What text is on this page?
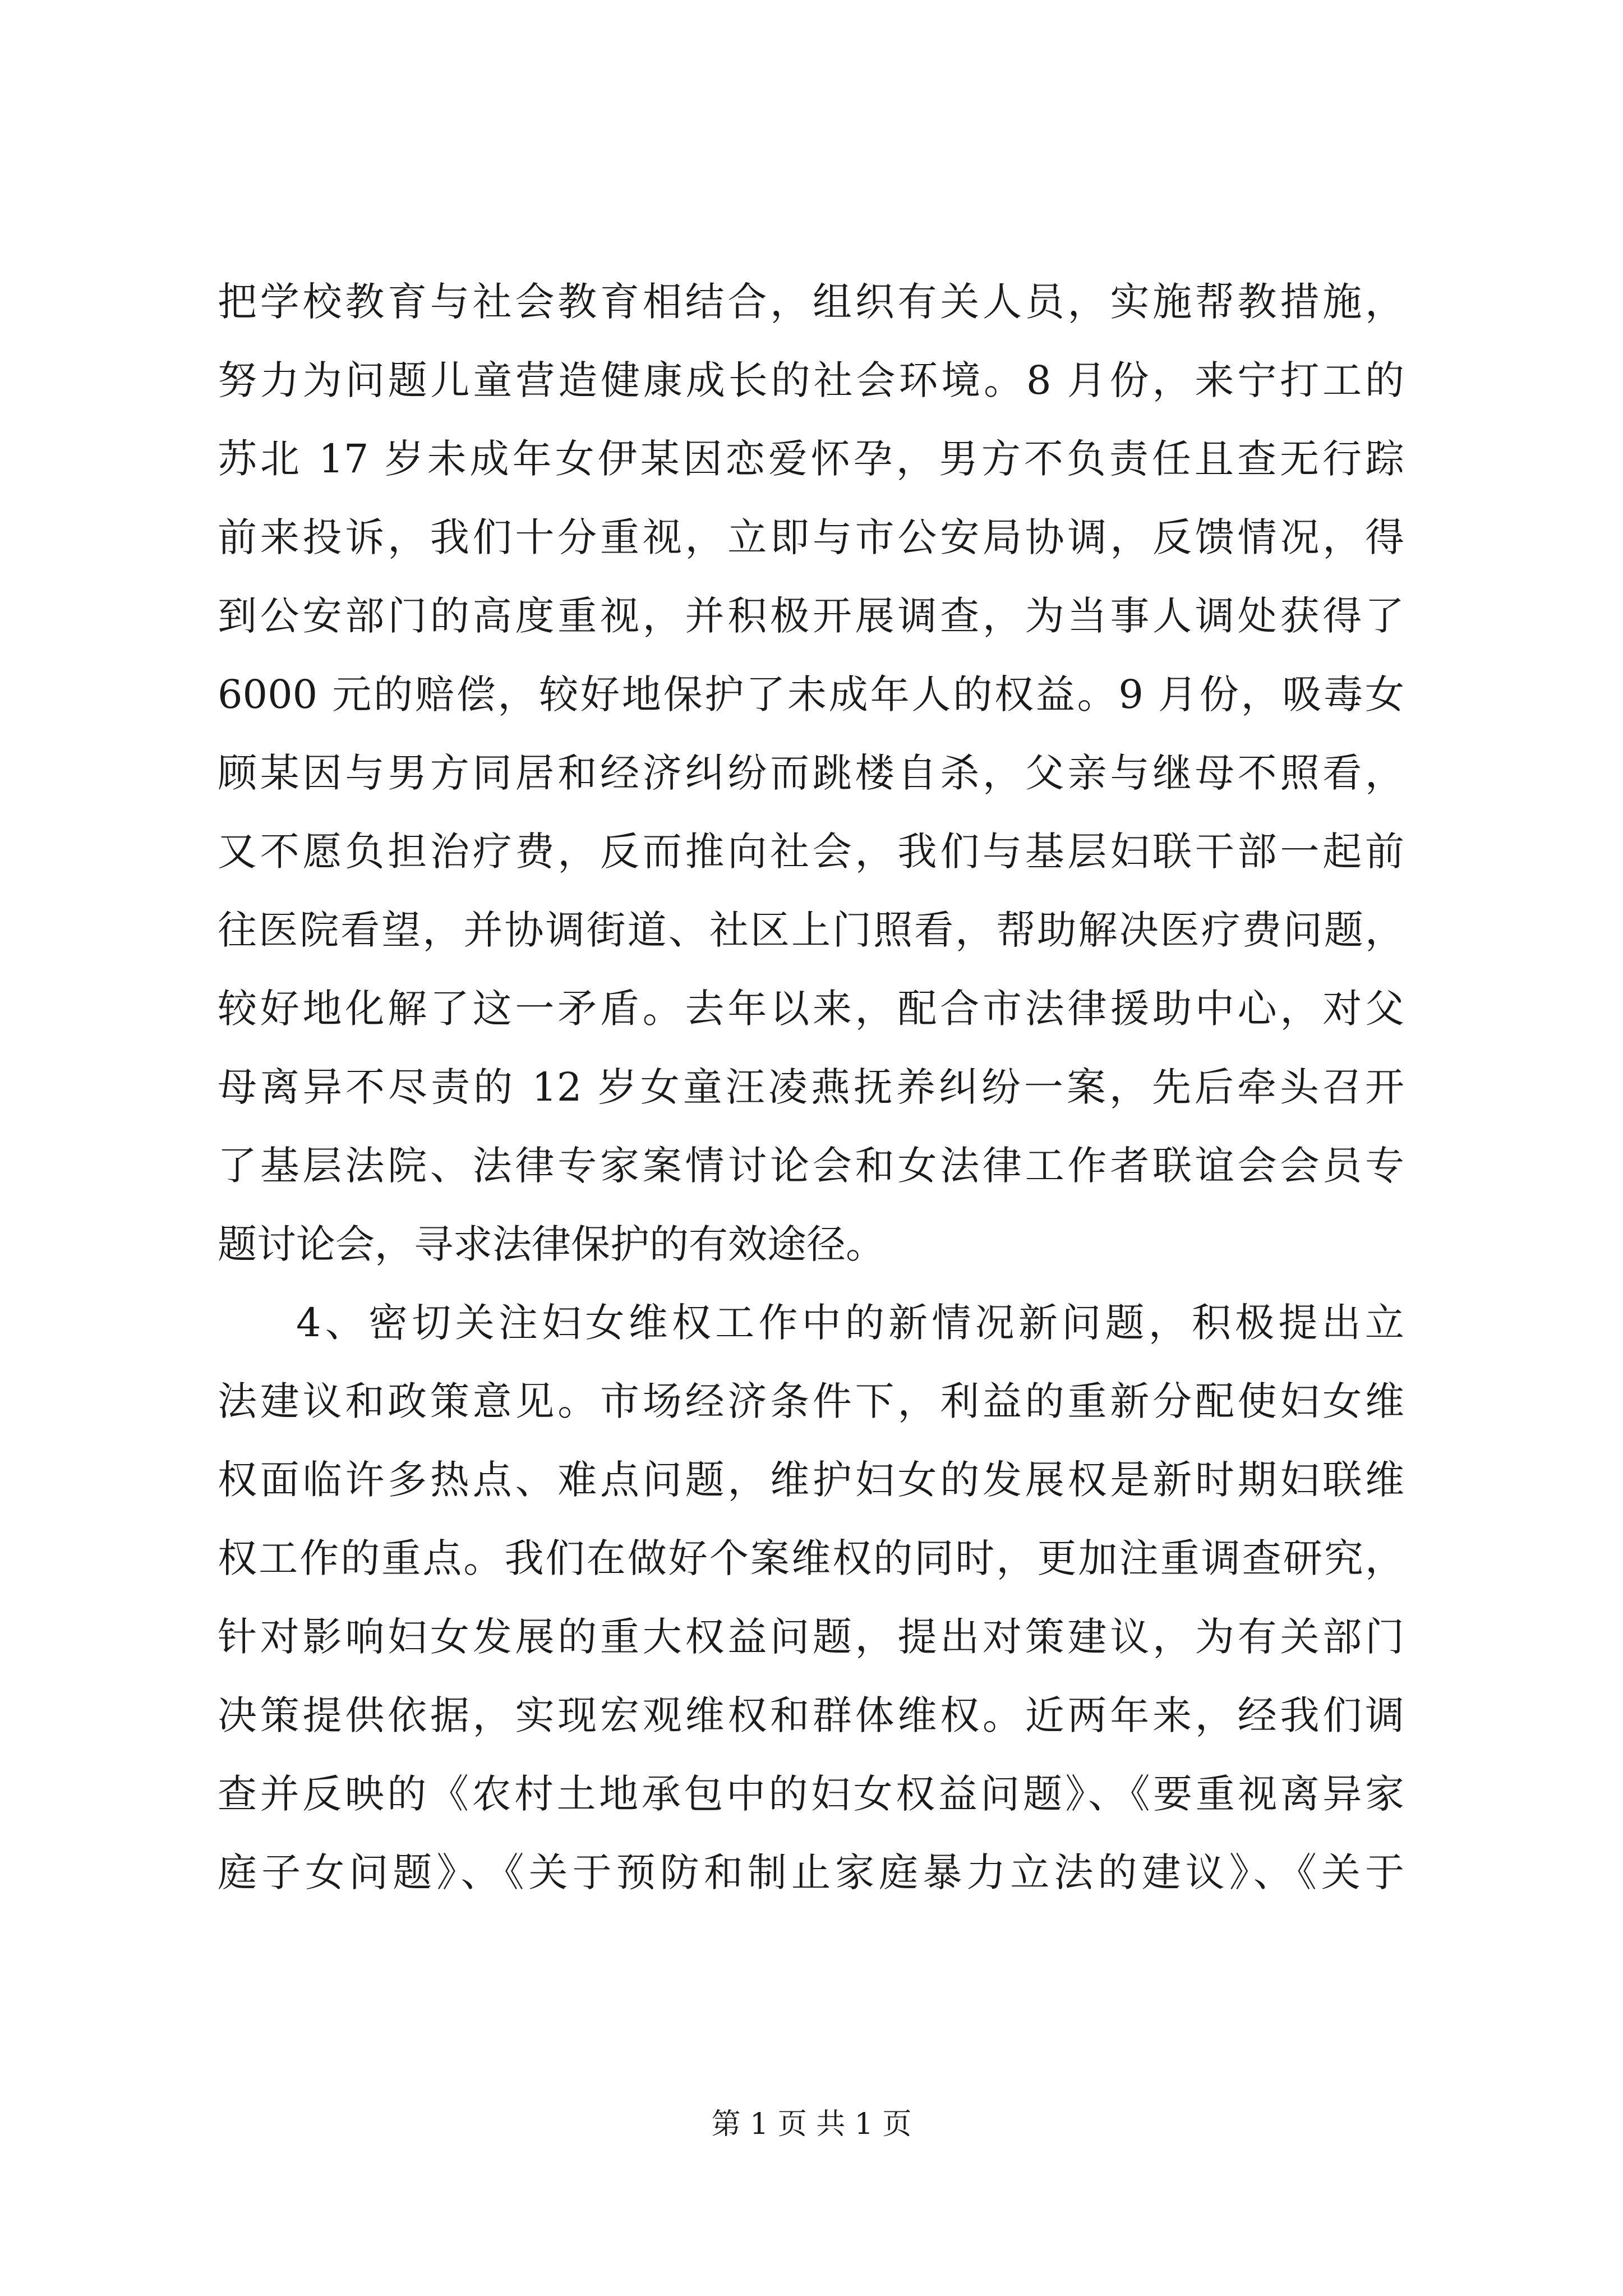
把学校教育与社会教育相结合，组织有关人员，实施帮教措施，
努力为问题儿童营造健康成长的社会环境。8 月份，来宁打工的
苏北 17 岁未成年女伊某因恋爱怀孕，男方不负责任且查无行踪
前来投诉，我们十分重视，立即与市公安局协调，反馈情况，得
到公安部门的高度重视，并积极开展调查，为当事人调处获得了
6000 元的赔偿，较好地保护了未成年人的权益。9 月份，吸毒女
顾某因与男方同居和经济纠纷而跳楼自杀，父亲与继母不照看，
又不愿负担治疗费，反而推向社会，我们与基层妇联干部一起前
往医院看望，并协调街道、社区上门照看，帮助解决医疗费问题，
较好地化解了这一矛盾。去年以来，配合市法律援助中心，对父
母离异不尽责的 12 岁女童汪凌燕抚养纠纷一案，先后牵头召开
了基层法院、法律专家案情讨论会和女法律工作者联谊会会员专
题讨论会，寻求法律保护的有效途径。
4、密切关注妇女维权工作中的新情况新问题，积极提出立
法建议和政策意见。市场经济条件下，利益的重新分配使妇女维
权面临许多热点、难点问题，维护妇女的发展权是新时期妇联维
权工作的重点。我们在做好个案维权的同时，更加注重调查研究，
针对影响妇女发展的重大权益问题，提出对策建议，为有关部门
决策提供依据，实现宏观维权和群体维权。近两年来，经我们调
查并反映的《农村土地承包中的妇女权益问题》、《要重视离异家
庭子女问题》、《关于预防和制止家庭暴力立法的建议》、《关于
第 1 页 共 1 页
